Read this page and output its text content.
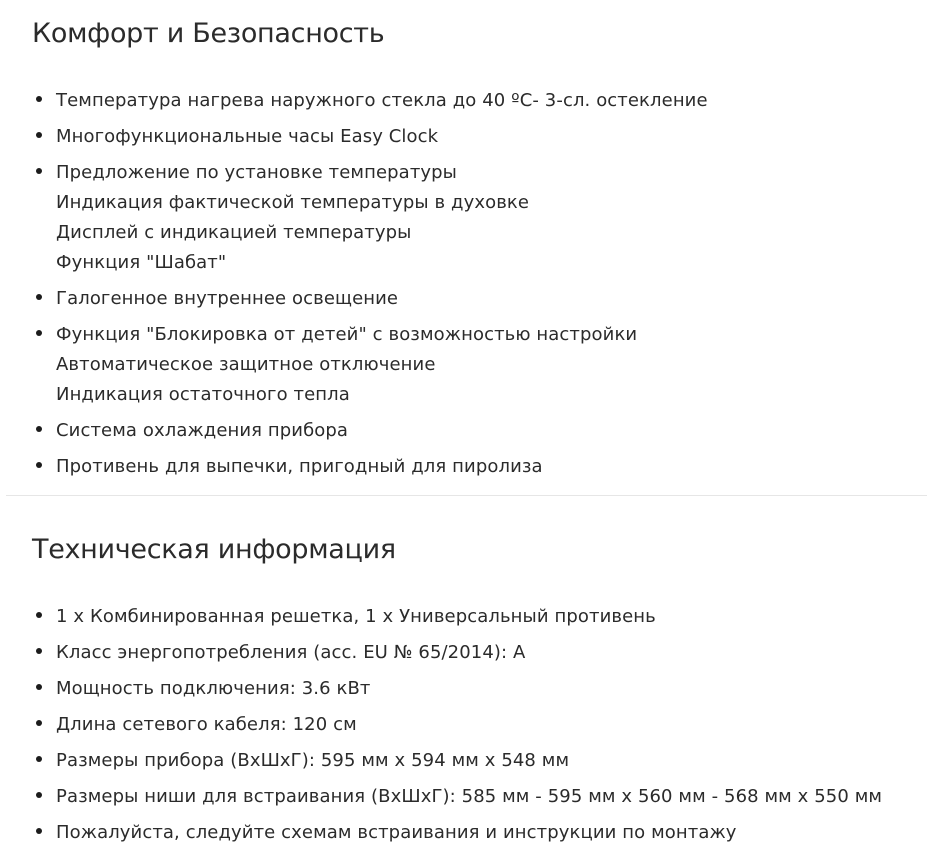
Комфорт и Безопасность
Температура нагрева наружного стекла до 40 ºС- 3-сл. остекление
Многофункциональные часы Easy Clock
Предложение по установке температуры
Индикация фактической температуры в духовке
Дисплей с индикацией температуры
Функция "Шабат"
Галогенное внутреннее освещение
Функция "Блокировка от детей" с возможностью настройки
Автоматическое защитное отключение
Индикация остаточного тепла
Система охлаждения прибора
Противень для выпечки, пригодный для пиролиза
Техническая информация
1 х Комбинированная решетка, 1 х Универсальный противень
Класс энергопотребления (асс. EU № 65/2014): A
Мощность подключения: 3.6 кВт
Длина сетевого кабеля: 120 см
Размеры прибора (ВхШхГ): 595 мм x 594 мм x 548 мм
Размеры ниши для встраивания (ВхШхГ): 585 мм - 595 мм x 560 мм - 568 мм x 550 мм
Пожалуйста, следуйте схемам встраивания и инструкции по монтажу
